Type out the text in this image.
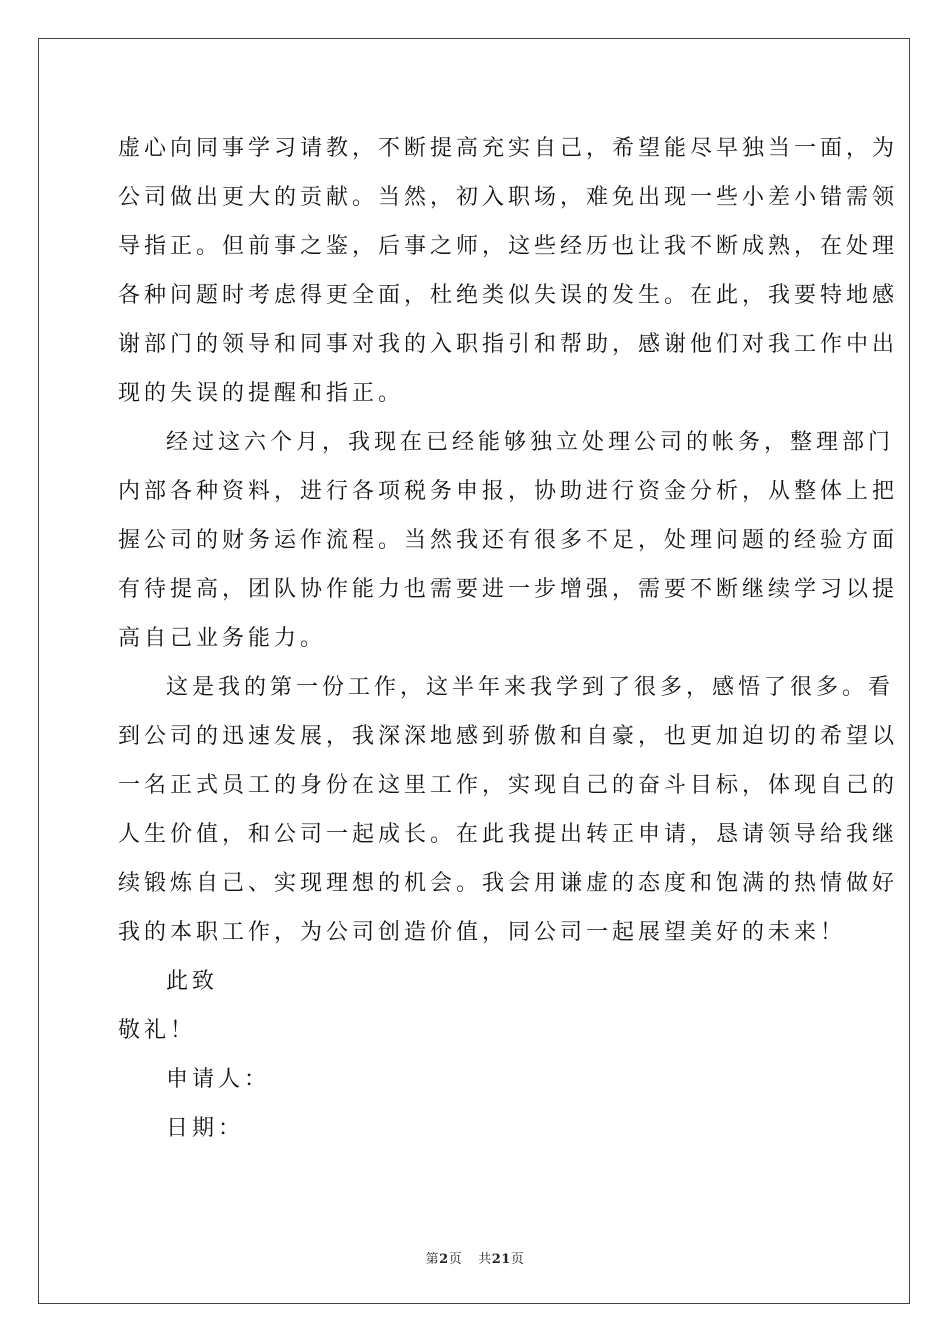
虚心向同事学习请教，不断提高充实自己，希望能尽早独当一面，为
公司做出更大的贡献。当然，初入职场，难免出现一些小差小错需领
导指正。但前事之鉴，后事之师，这些经历也让我不断成熟，在处理
各种问题时考虑得更全面，杜绝类似失误的发生。在此，我要特地感
谢部门的领导和同事对我的入职指引和帮助，感谢他们对我工作中出
现的失误的提醒和指正。
经过这六个月，我现在已经能够独立处理公司的帐务，整理部门
内部各种资料，进行各项税务申报，协助进行资金分析，从整体上把
握公司的财务运作流程。当然我还有很多不足，处理问题的经验方面
有待提高，团队协作能力也需要进一步增强，需要不断继续学习以提
高自己业务能力。
这是我的第一份工作，这半年来我学到了很多，感悟了很多。看
到公司的迅速发展，我深深地感到骄傲和自豪，也更加迫切的希望以
一名正式员工的身份在这里工作，实现自己的奋斗目标，体现自己的
人生价值，和公司一起成长。在此我提出转正申请，恳请领导给我继
续锻炼自己、实现理想的机会。我会用谦虚的态度和饱满的热情做好
我的本职工作，为公司创造价值，同公司一起展望美好的未来！
此致
敬礼！
申请人：
日期：
第2页 共21页
